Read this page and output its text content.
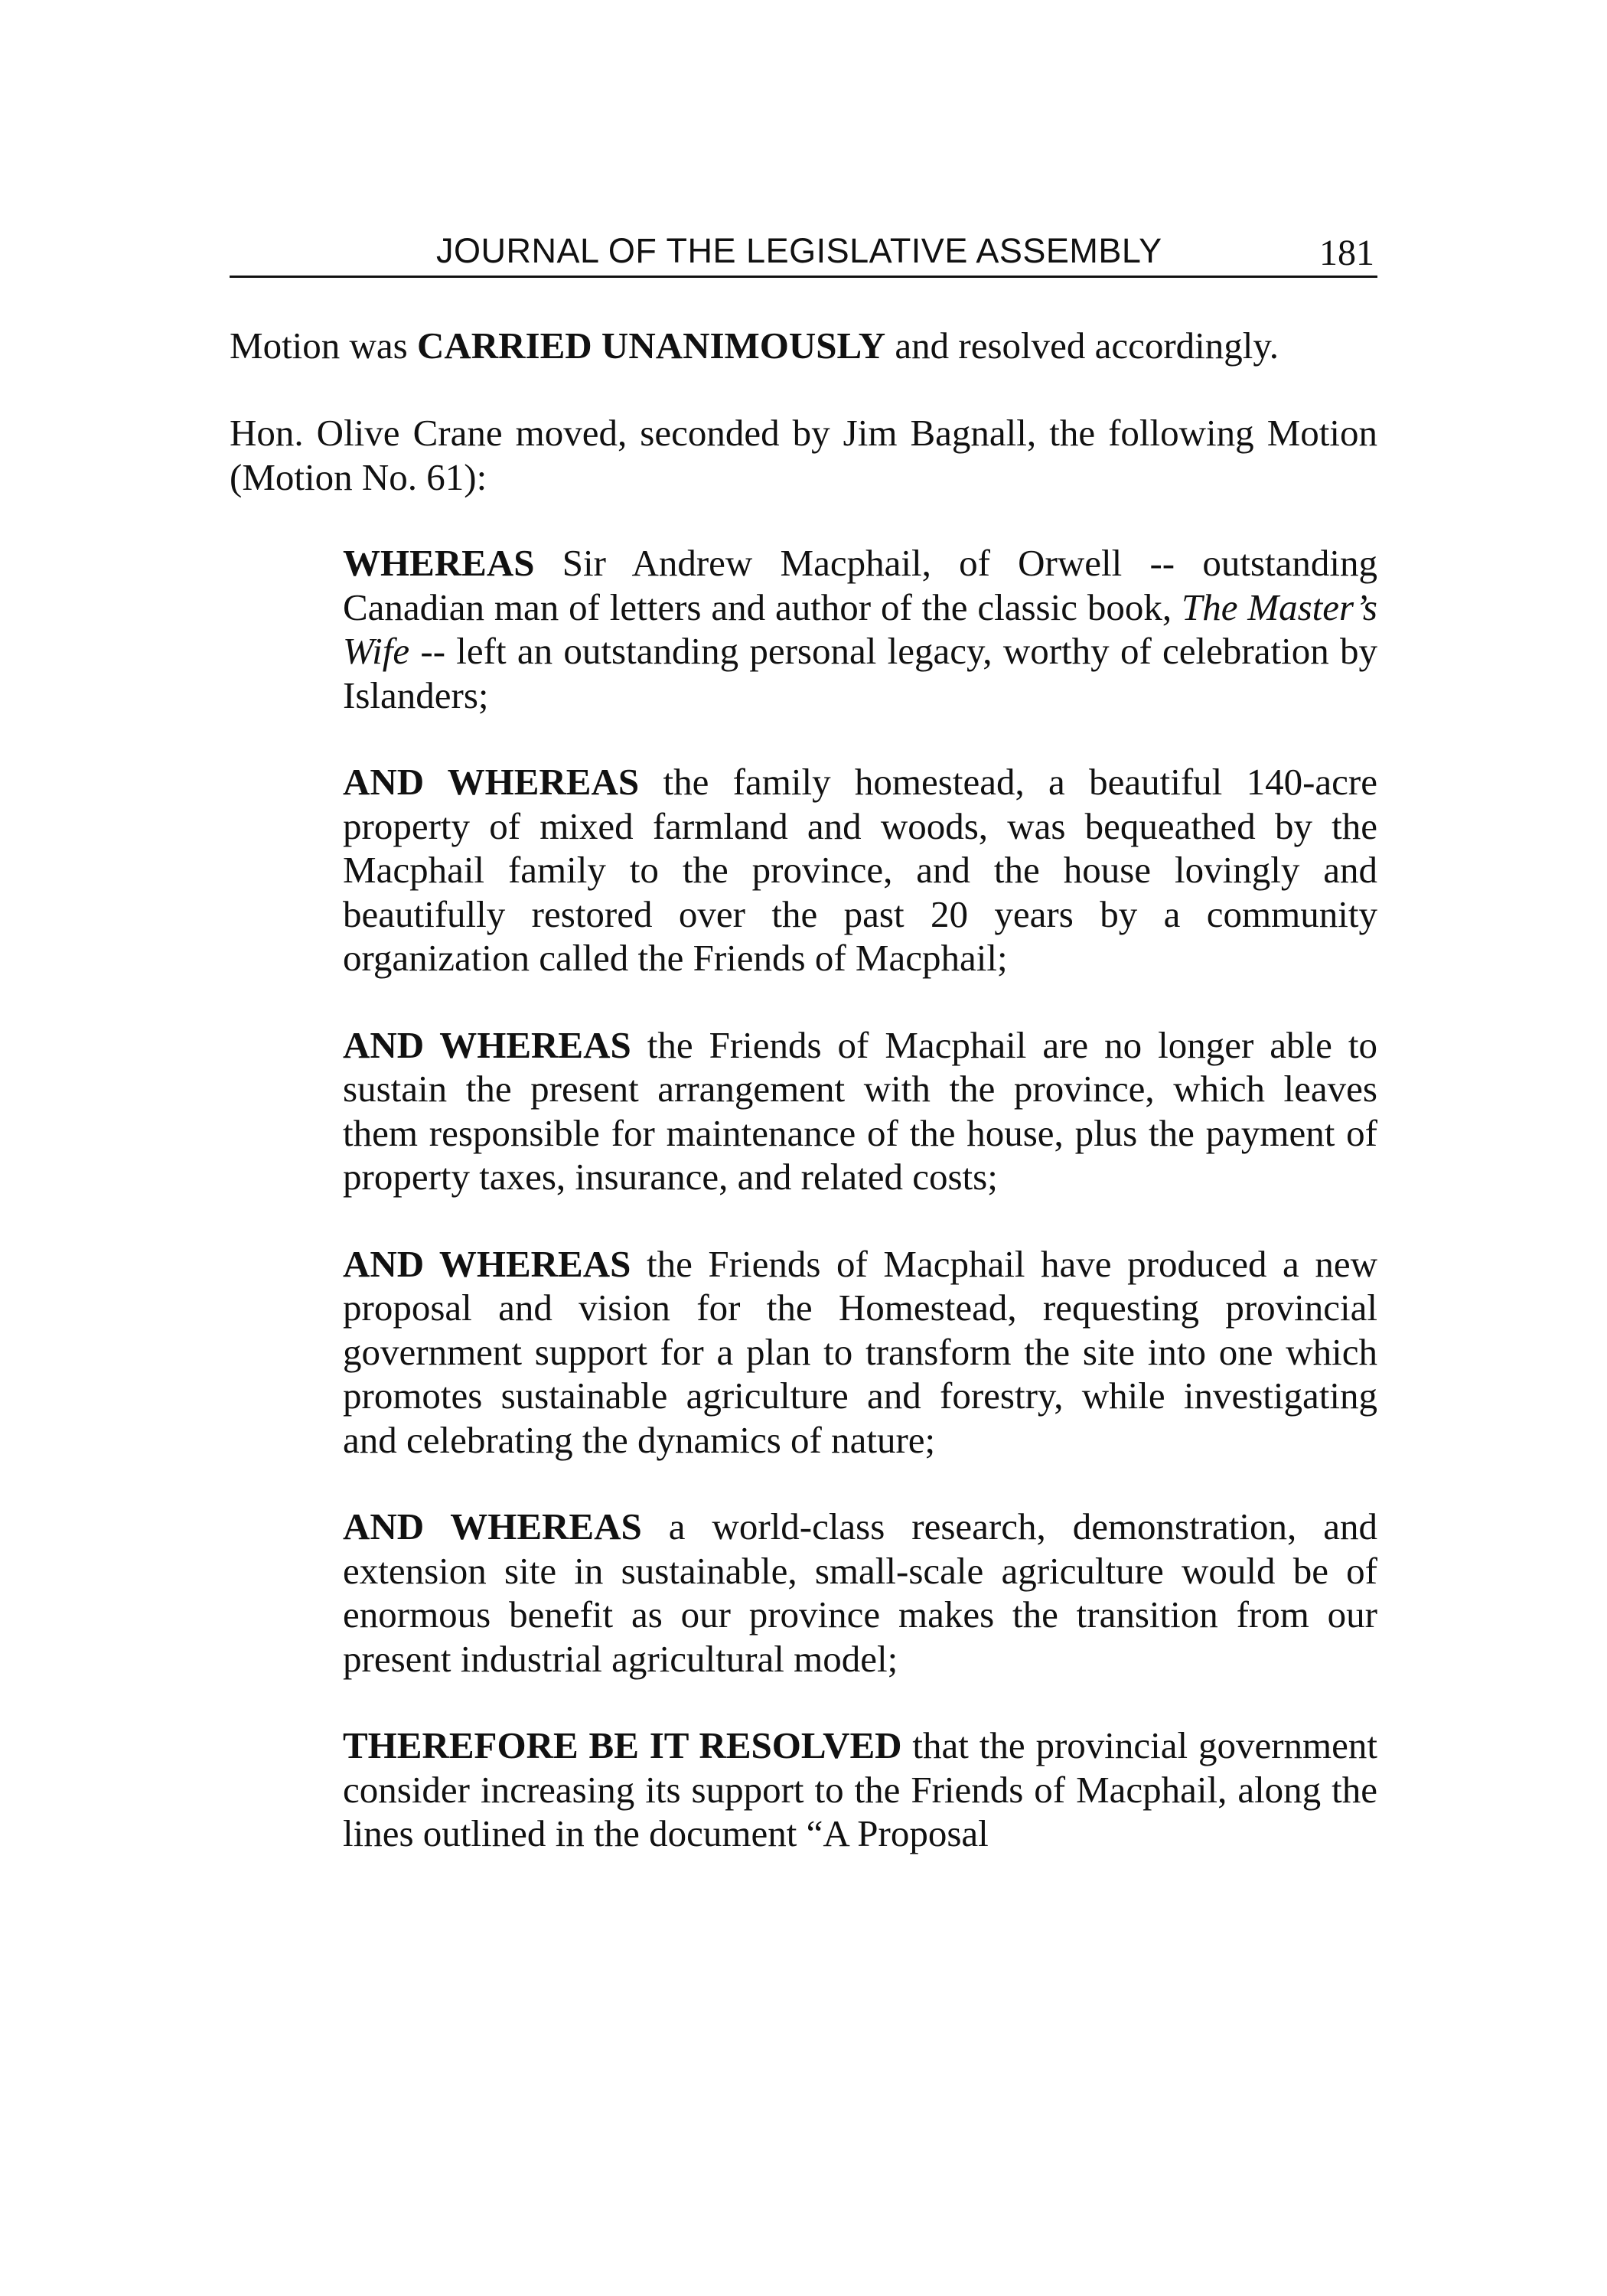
JOURNAL OF THE LEGISLATIVE ASSEMBLY	181

Motion was CARRIED UNANIMOUSLY and resolved accordingly.

Hon. Olive Crane moved, seconded by Jim Bagnall, the following Motion (Motion No. 61):

WHEREAS Sir Andrew Macphail, of Orwell -- outstanding Canadian man of letters and author of the classic book, The Master’s Wife -- left an outstanding personal legacy, worthy of celebration by Islanders;

AND WHEREAS the family homestead, a beautiful 140-acre property of mixed farmland and woods, was bequeathed by the Macphail family to the province, and the house lovingly and beautifully restored over the past 20 years by a community organization called the Friends of Macphail;

AND WHEREAS the Friends of Macphail are no longer able to sustain the present arrangement with the province, which leaves them responsible for maintenance of the house, plus the payment of property taxes, insurance, and related costs;

AND WHEREAS the Friends of Macphail have produced a new proposal and vision for the Homestead, requesting provincial government support for a plan to transform the site into one which promotes sustainable agriculture and forestry, while investigating and celebrating the dynamics of nature;

AND WHEREAS a world-class research, demonstration, and extension site in sustainable, small-scale agriculture would be of enormous benefit as our province makes the transition from our present industrial agricultural model;

THEREFORE BE IT RESOLVED that the provincial government consider increasing its support to the Friends of Macphail, along the lines outlined in the document “A Proposal
